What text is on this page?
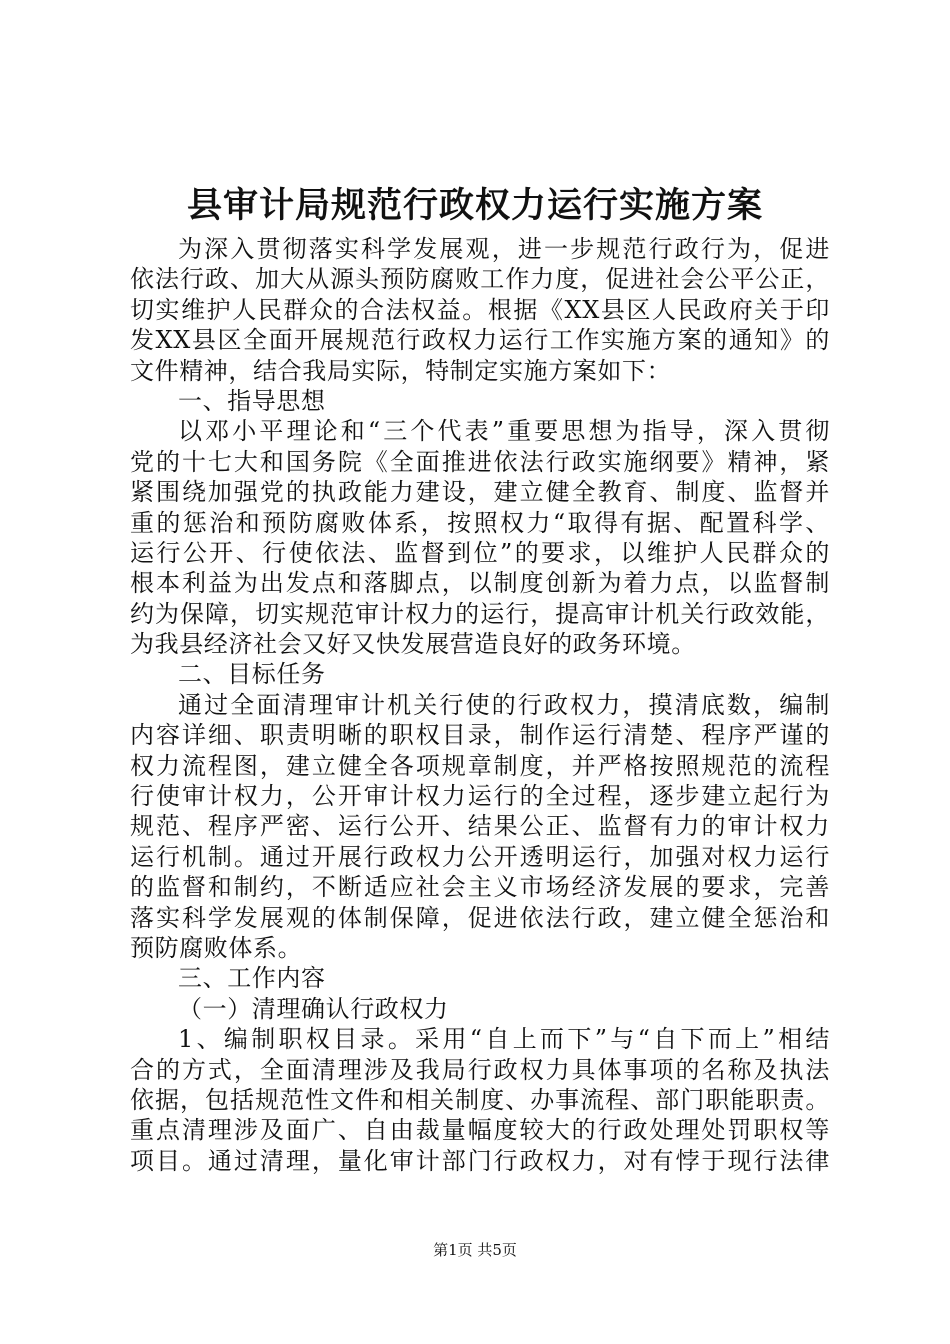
县审计局规范行政权力运行实施方案
为深入贯彻落实科学发展观，进一步规范行政行为，促进
依法行政、加大从源头预防腐败工作力度，促进社会公平公正，
切实维护人民群众的合法权益。根据《XX县区人民政府关于印
发XX县区全面开展规范行政权力运行工作实施方案的通知》的
文件精神，结合我局实际，特制定实施方案如下：
一、指导思想
以邓小平理论和“三个代表”重要思想为指导，深入贯彻
党的十七大和国务院《全面推进依法行政实施纲要》精神，紧
紧围绕加强党的执政能力建设，建立健全教育、制度、监督并
重的惩治和预防腐败体系，按照权力“取得有据、配置科学、
运行公开、行使依法、监督到位”的要求，以维护人民群众的
根本利益为出发点和落脚点，以制度创新为着力点，以监督制
约为保障，切实规范审计权力的运行，提高审计机关行政效能，
为我县经济社会又好又快发展营造良好的政务环境。
二、目标任务
通过全面清理审计机关行使的行政权力，摸清底数，编制
内容详细、职责明晰的职权目录，制作运行清楚、程序严谨的
权力流程图，建立健全各项规章制度，并严格按照规范的流程
行使审计权力，公开审计权力运行的全过程，逐步建立起行为
规范、程序严密、运行公开、结果公正、监督有力的审计权力
运行机制。通过开展行政权力公开透明运行，加强对权力运行
的监督和制约，不断适应社会主义市场经济发展的要求，完善
落实科学发展观的体制保障，促进依法行政，建立健全惩治和
预防腐败体系。
三、工作内容
（一）清理确认行政权力
1、编制职权目录。采用“自上而下”与“自下而上”相结
合的方式，全面清理涉及我局行政权力具体事项的名称及执法
依据，包括规范性文件和相关制度、办事流程、部门职能职责。
重点清理涉及面广、自由裁量幅度较大的行政处理处罚职权等
项目。通过清理，量化审计部门行政权力，对有悖于现行法律
第1页 共5页
